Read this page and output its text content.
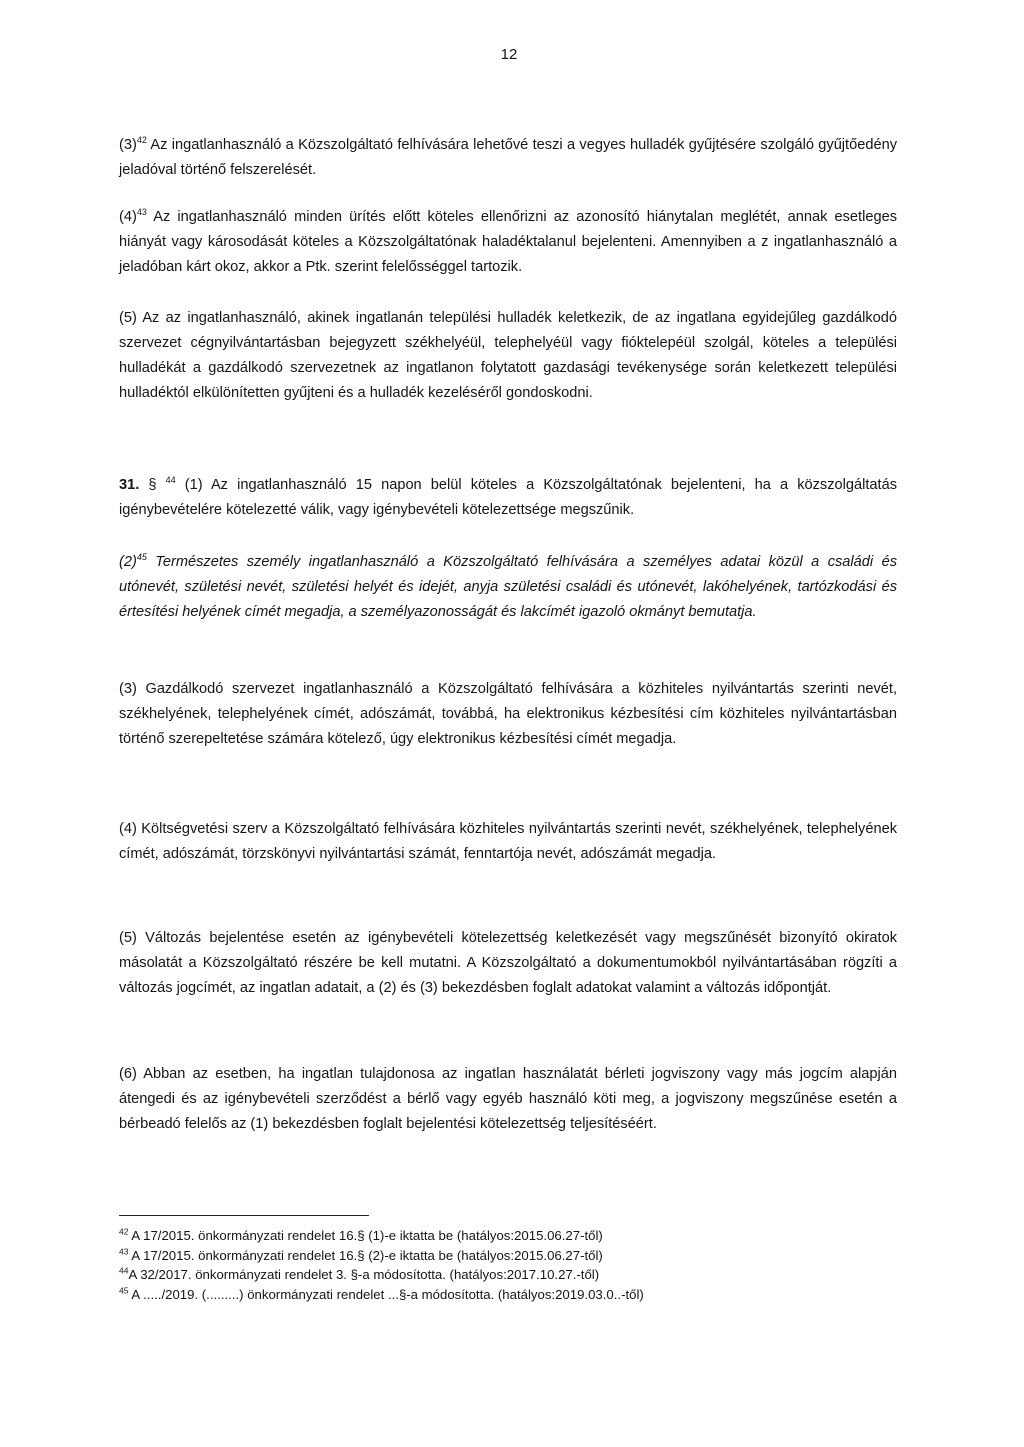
12

(3)$^{42}$ Az ingatlanhasználó a Közszolgáltató felhívására lehetővé teszi a vegyes hulladék gyűjtésére szolgáló gyűjtőedény jeladóval történő felszerelését.

(4)$^{43}$ Az ingatlanhasználó minden ürítés előtt köteles ellenőrizni az azonosító hiánytalan meglétét, annak esetleges hiányát vagy károsodását köteles a Közszolgáltatónak haladéktalanul bejelenteni. Amennyiben a z ingatlanhasználó a jeladóban kárt okoz, akkor a Ptk. szerint felelősséggel tartozik.

(5) Az az ingatlanhasználó, akinek ingatlanán települési hulladék keletkezik, de az ingatlana egyidejűleg gazdálkodó szervezet cégnyilvántartásban bejegyzett székhelyéül, telephelyéül vagy fióktelepéül szolgál, köteles a települési hulladékát a gazdálkodó szervezetnek az ingatlanon folytatott gazdasági tevékenysége során keletkezett települési hulladéktól elkülönítetten gyűjteni és a hulladék kezeléséről gondoskodni.

31. § $^{44}$ (1) Az ingatlanhasználó 15 napon belül köteles a Közszolgáltatónak bejelenteni, ha a közszolgáltatás igénybevételére kötelezetté válik, vagy igénybevételi kötelezettsége megszűnik.

(2)$^{45}$ Természetes személy ingatlanhasználó a Közszolgáltató felhívására a személyes adatai közül a családi és utónevét, születési nevét, születési helyét és idejét, anyja születési családi és utónevét, lakóhelyének, tartózkodási és értesítési helyének címét megadja, a személyazonosságát és lakcímét igazoló okmányt bemutatja.

(3) Gazdálkodó szervezet ingatlanhasználó a Közszolgáltató felhívására a közhiteles nyilvántartás szerinti nevét, székhelyének, telephelyének címét, adószámát, továbbá, ha elektronikus kézbesítési cím közhiteles nyilvántartásban történő szerepeltetése számára kötelező, úgy elektronikus kézbesítési címét megadja.

(4) Költségvetési szerv a Közszolgáltató felhívására közhiteles nyilvántartás szerinti nevét, székhelyének, telephelyének címét, adószámát, törzskönyvi nyilvántartási számát, fenntartója nevét, adószámát megadja.

(5) Változás bejelentése esetén az igénybevételi kötelezettség keletkezését vagy megszűnését bizonyító okiratok másolatát a Közszolgáltató részére be kell mutatni. A Közszolgáltató a dokumentumokból nyilvántartásában rögzíti a változás jogcímét, az ingatlan adatait, a (2) és (3) bekezdésben foglalt adatokat valamint a változás időpontját.

(6) Abban az esetben, ha ingatlan tulajdonosa az ingatlan használatát bérleti jogviszony vagy más jogcím alapján átengedi és az igénybevételi szerződést a bérlő vagy egyéb használó köti meg, a jogviszony megszűnése esetén a bérbeadó felelős az (1) bekezdésben foglalt bejelentési kötelezettség teljesítéséért.

$^{42}$ A 17/2015. önkormányzati rendelet 16.§ (1)-e iktatta be (hatályos:2015.06.27-től)

$^{43}$ A 17/2015. önkormányzati rendelet 16.§ (2)-e iktatta be (hatályos:2015.06.27-től)

$^{44}$A 32/2017. önkormányzati rendelet 3. §-a módosította. (hatályos:2017.10.27.-től)

$^{45}$ A ...../2019. (.........) önkormányzati rendelet ...§-a módosította. (hatályos:2019.03.0..-től)
